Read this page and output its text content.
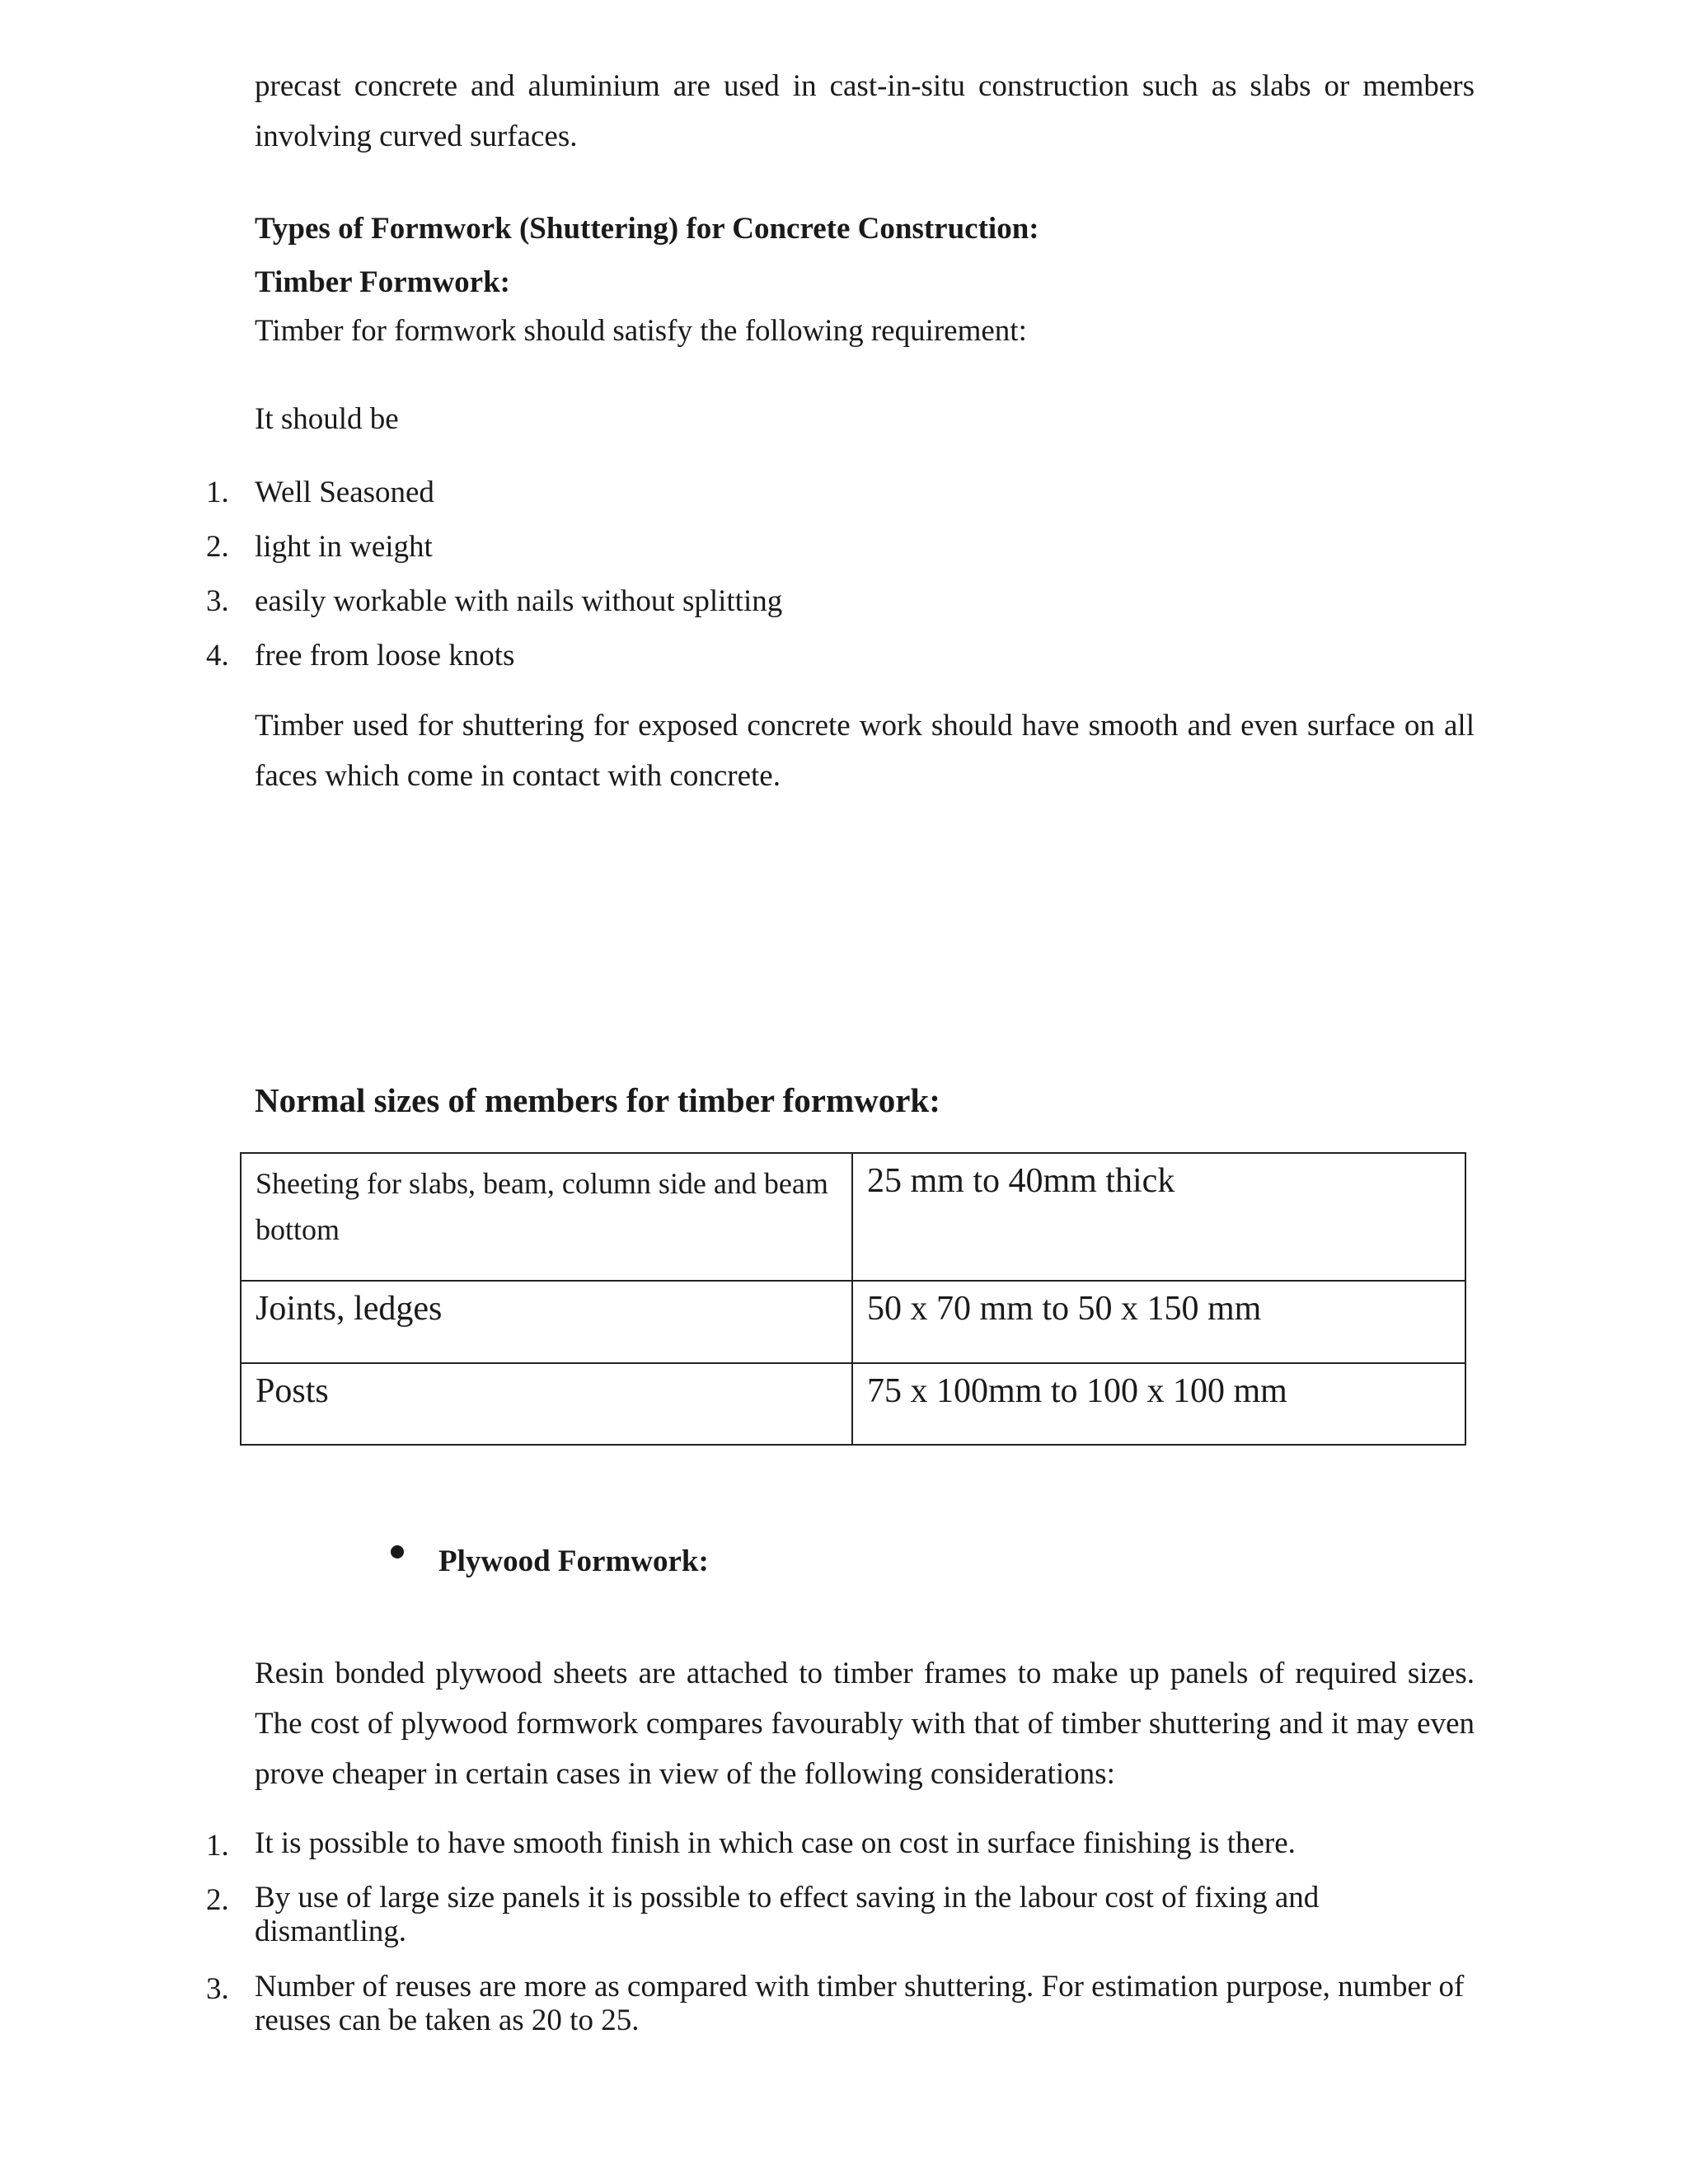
precast concrete and aluminium are used in cast-in-situ construction such as slabs or members involving curved surfaces.
Types of Formwork (Shuttering) for Concrete Construction:
Timber Formwork:
Timber for formwork should satisfy the following requirement:
It should be
1. Well Seasoned
2. light in weight
3. easily workable with nails without splitting
4. free from loose knots
Timber used for shuttering for exposed concrete work should have smooth and even surface on all faces which come in contact with concrete.
Normal sizes of members for timber formwork:
Sheeting for slabs, beam, column side and beam bottom	25 mm to 40mm thick
Joints, ledges	50 x 70 mm to 50 x 150 mm
Posts	75 x 100mm to 100 x 100 mm
Plywood Formwork:
Resin bonded plywood sheets are attached to timber frames to make up panels of required sizes. The cost of plywood formwork compares favourably with that of timber shuttering and it may even prove cheaper in certain cases in view of the following considerations:
1. It is possible to have smooth finish in which case on cost in surface finishing is there.
2. By use of large size panels it is possible to effect saving in the labour cost of fixing and dismantling.
3. Number of reuses are more as compared with timber shuttering. For estimation purpose, number of reuses can be taken as 20 to 25.
